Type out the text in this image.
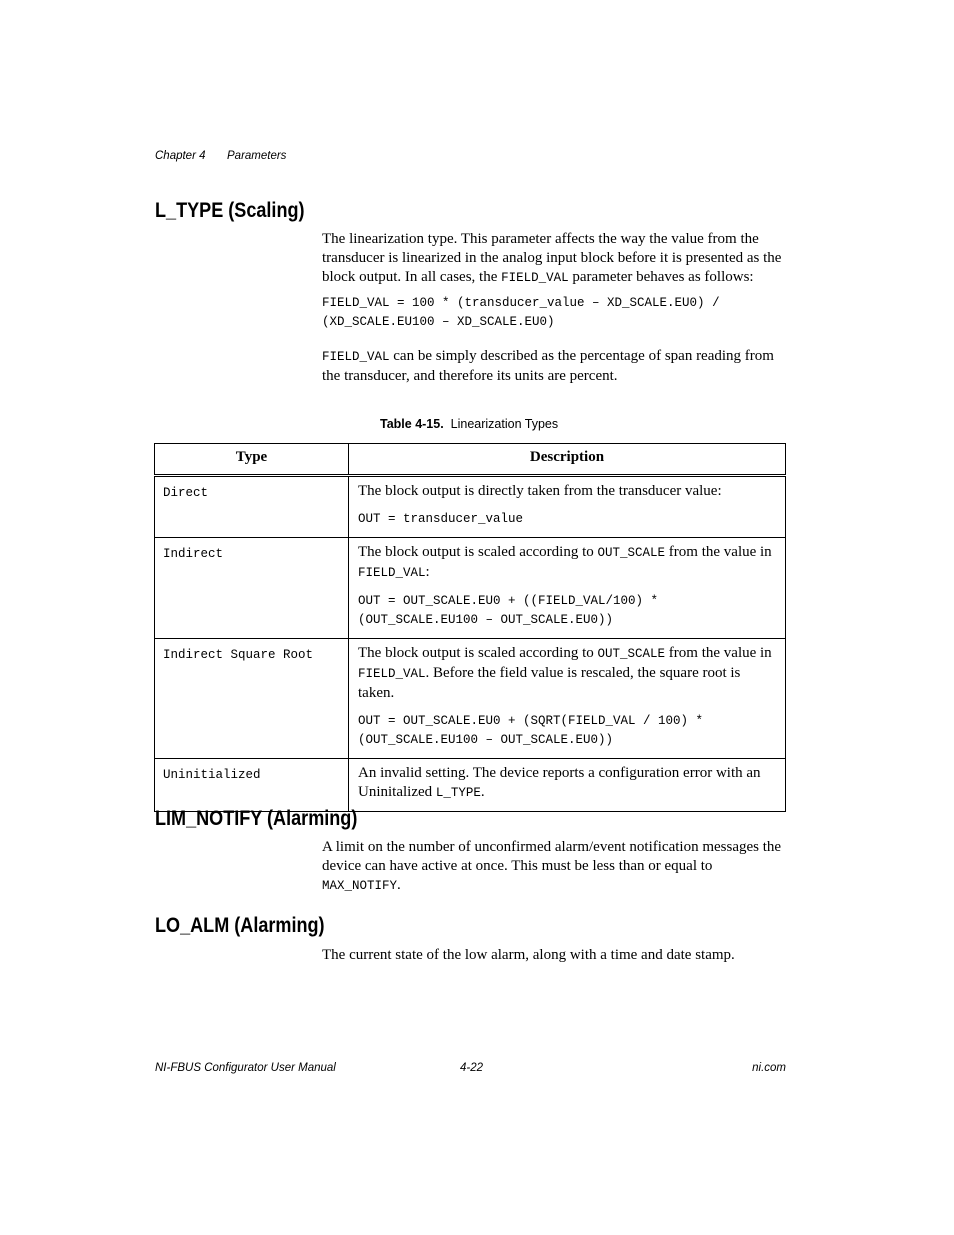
Chapter 4 Parameters
L_TYPE (Scaling)

The linearization type. This parameter affects the way the value from the transducer is linearized in the analog input block before it is presented as the block output. In all cases, the FIELD_VAL parameter behaves as follows:

FIELD_VAL = 100 * (transducer_value – XD_SCALE.EU0) /
(XD_SCALE.EU100 – XD_SCALE.EU0)

FIELD_VAL can be simply described as the percentage of span reading from the transducer, and therefore its units are percent.

Table 4-15. Linearization Types
Type	Description
Direct	The block output is directly taken from the transducer value:
OUT = transducer_value

Indirect	The block output is scaled according to OUT_SCALE from the value in FIELD_VAL:
OUT = OUT_SCALE.EU0 + ((FIELD_VAL/100) *
(OUT_SCALE.EU100 – OUT_SCALE.EU0))

Indirect Square Root	The block output is scaled according to OUT_SCALE from the value in FIELD_VAL. Before the field value is rescaled, the square root is taken.
OUT = OUT_SCALE.EU0 + (SQRT(FIELD_VAL / 100) *
(OUT_SCALE.EU100 – OUT_SCALE.EU0))

Uninitialized	An invalid setting. The device reports a configuration error with an Uninitalized L_TYPE.
LIM_NOTIFY (Alarming)

A limit on the number of unconfirmed alarm/event notification messages the device can have active at once. This must be less than or equal to MAX_NOTIFY.

LO_ALM (Alarming)

The current state of the low alarm, along with a time and date stamp.

NI-FBUS Configurator User Manual	4-22	ni.com
